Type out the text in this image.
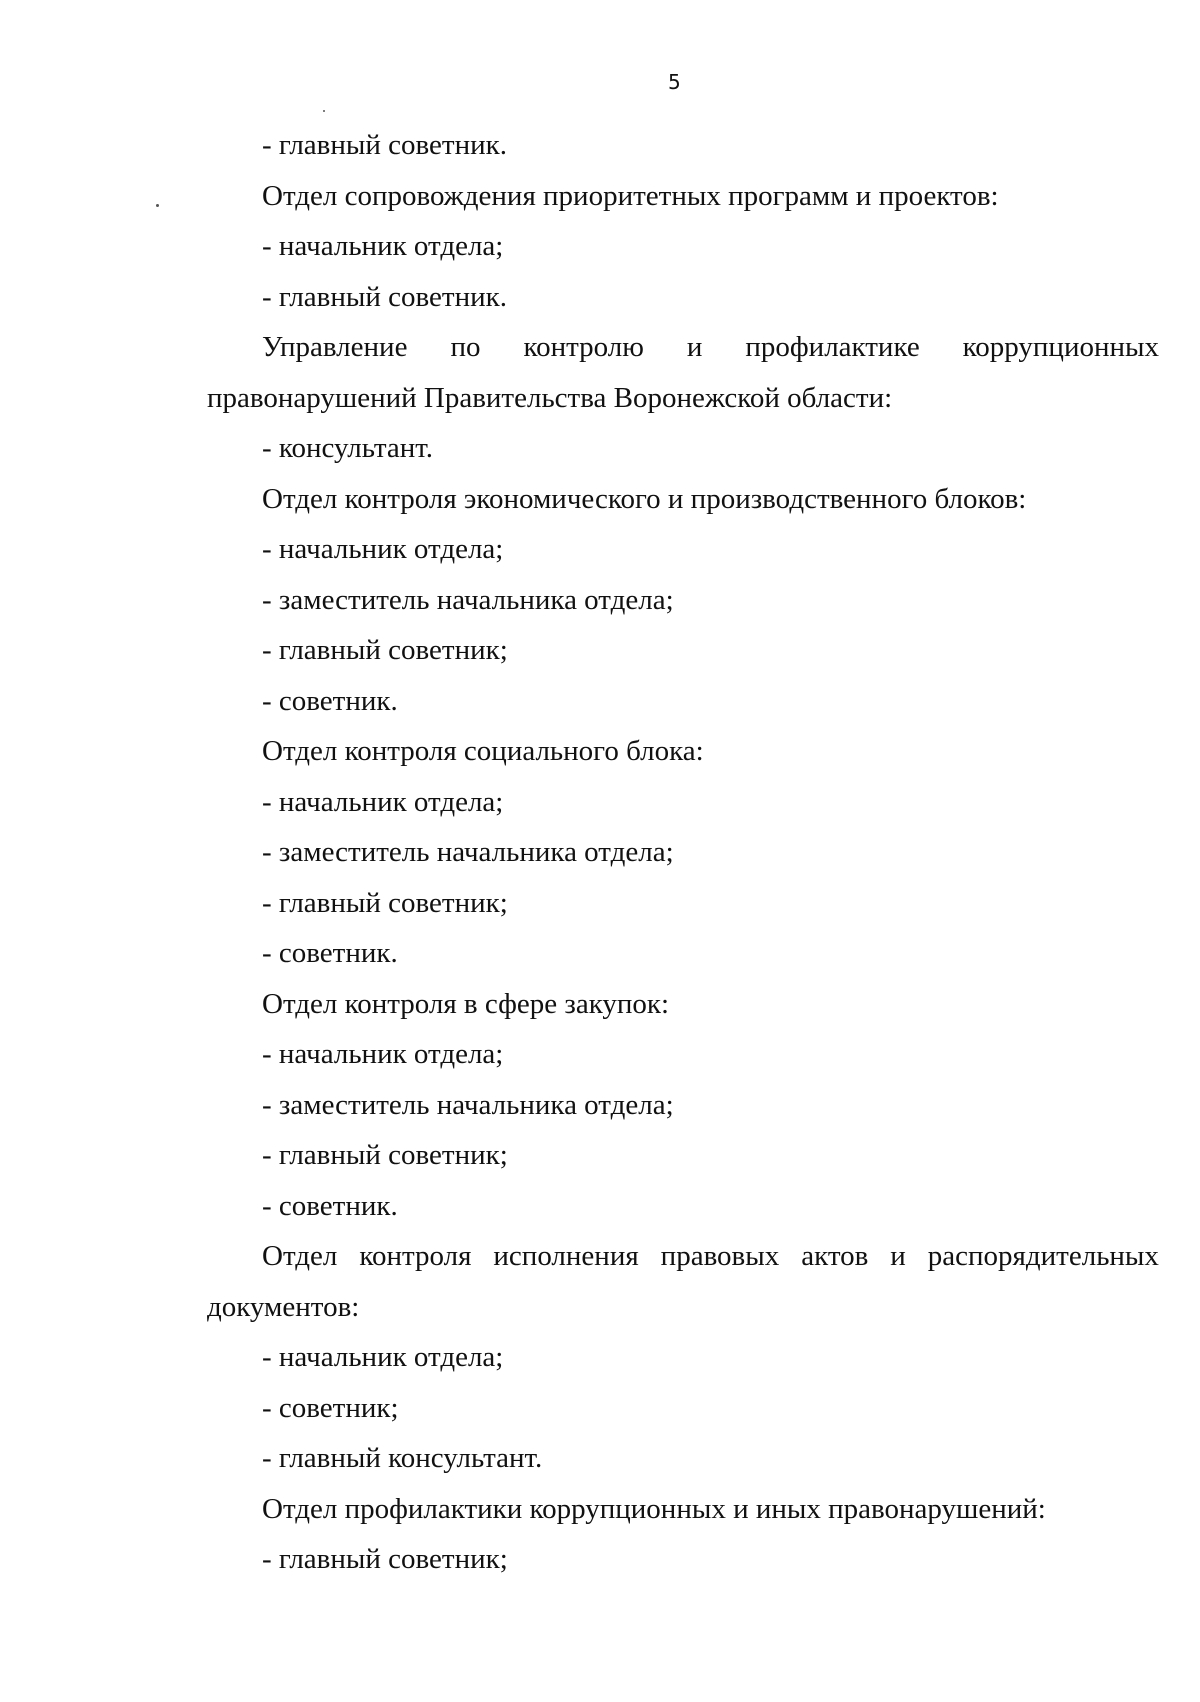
5

- главный советник.

Отдел сопровождения приоритетных программ и проектов:

- начальник отдела;

- главный советник.

Управление по контролю и профилактике коррупционных

правонарушений Правительства Воронежской области:

- консультант.

Отдел контроля экономического и производственного блоков:

- начальник отдела;

- заместитель начальника отдела;

- главный советник;

- советник.

Отдел контроля социального блока:

- начальник отдела;

- заместитель начальника отдела;

- главный советник;

- советник.

Отдел контроля в сфере закупок:

- начальник отдела;

- заместитель начальника отдела;

- главный советник;

- советник.

Отдел контроля исполнения правовых актов и распорядительных

документов:

- начальник отдела;

- советник;

- главный консультант.

Отдел профилактики коррупционных и иных правонарушений:

- главный советник;
